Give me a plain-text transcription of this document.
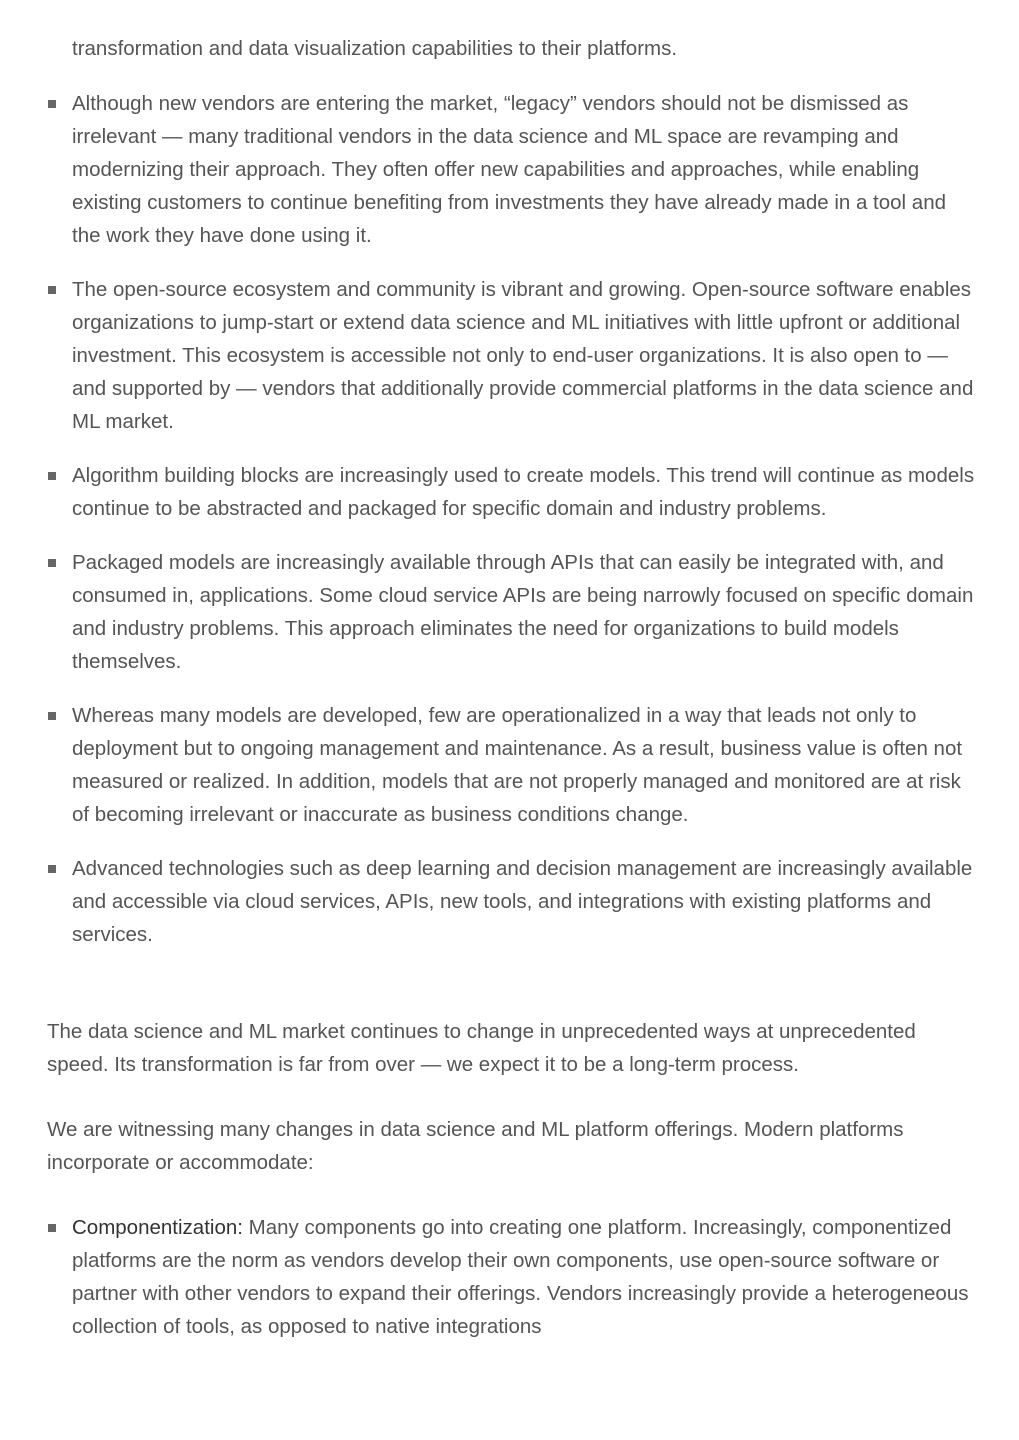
transformation and data visualization capabilities to their platforms.
Although new vendors are entering the market, “legacy” vendors should not be dismissed as irrelevant — many traditional vendors in the data science and ML space are revamping and modernizing their approach. They often offer new capabilities and approaches, while enabling existing customers to continue benefiting from investments they have already made in a tool and the work they have done using it.
The open-source ecosystem and community is vibrant and growing. Open-source software enables organizations to jump-start or extend data science and ML initiatives with little upfront or additional investment. This ecosystem is accessible not only to end-user organizations. It is also open to — and supported by — vendors that additionally provide commercial platforms in the data science and ML market.
Algorithm building blocks are increasingly used to create models. This trend will continue as models continue to be abstracted and packaged for specific domain and industry problems.
Packaged models are increasingly available through APIs that can easily be integrated with, and consumed in, applications. Some cloud service APIs are being narrowly focused on specific domain and industry problems. This approach eliminates the need for organizations to build models themselves.
Whereas many models are developed, few are operationalized in a way that leads not only to deployment but to ongoing management and maintenance. As a result, business value is often not measured or realized. In addition, models that are not properly managed and monitored are at risk of becoming irrelevant or inaccurate as business conditions change.
Advanced technologies such as deep learning and decision management are increasingly available and accessible via cloud services, APIs, new tools, and integrations with existing platforms and services.

The data science and ML market continues to change in unprecedented ways at unprecedented speed. Its transformation is far from over — we expect it to be a long-term process.

We are witnessing many changes in data science and ML platform offerings. Modern platforms incorporate or accommodate:

Componentization: Many components go into creating one platform. Increasingly, componentized platforms are the norm as vendors develop their own components, use open-source software or partner with other vendors to expand their offerings. Vendors increasingly provide a heterogeneous collection of tools, as opposed to native integrations
